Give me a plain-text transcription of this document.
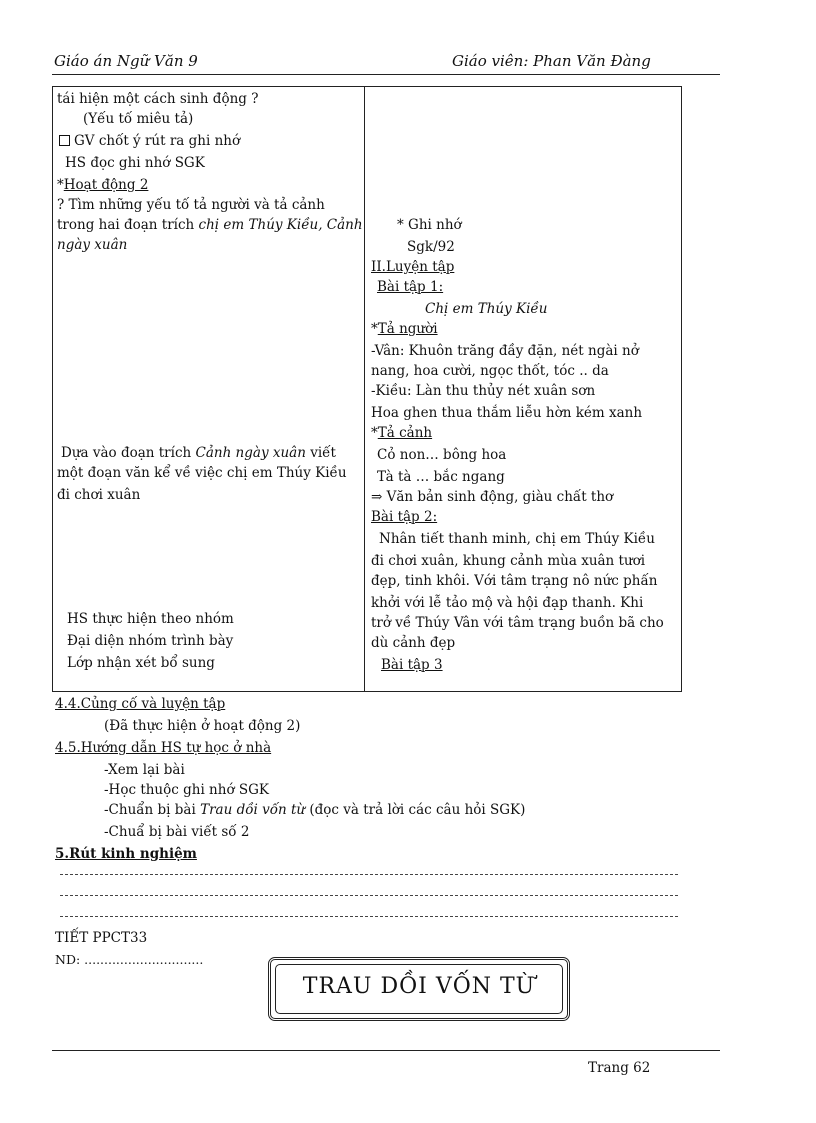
Giáo án Ngữ Văn 9	Giáo viên: Phan Văn Đàng
tái hiện một cách sinh động ?
(Yếu tố miêu tả)
GV chốt ý rút ra ghi nhớ
HS đọc ghi nhớ SGK
*Hoạt động 2
? Tìm những yếu tố tả người và tả cảnh
trong hai đoạn trích chị em Thúy Kiều, Cảnh
ngày xuân
Dựa vào đoạn trích Cảnh ngày xuân viết
một đoạn văn kể về việc chị em Thúy Kiều
đi chơi xuân
HS thực hiện theo nhóm
Đại diện nhóm trình bày
Lớp nhận xét bổ sung
* Ghi nhớ
Sgk/92
II.Luyện tập
Bài tập 1:
Chị em Thúy Kiều
*Tả người
-Vân: Khuôn trăng đầy đặn, nét ngài nở
nang, hoa cười, ngọc thốt, tóc .. da
-Kiều: Làn thu thủy nét xuân sơn
Hoa ghen thua thắm liễu hờn kém xanh
*Tả cảnh
Cỏ non… bông hoa
Tà tà … bắc ngang
⇒ Văn bản sinh động, giàu chất thơ
Bài tập 2:
Nhân tiết thanh minh, chị em Thúy Kiều
đi chơi xuân, khung cảnh mùa xuân tươi
đẹp, tinh khôi. Với tâm trạng nô nức phấn
khởi với lễ tảo mộ và hội đạp thanh. Khi
trở về Thúy Vân với tâm trạng buồn bã cho
dù cảnh đẹp
Bài tập 3
4.4.Củng cố và luyện tập
(Đã thực hiện ở hoạt động 2)
4.5.Hướng dẫn HS tự học ở nhà
-Xem lại bài
-Học thuộc ghi nhớ SGK
-Chuẩn bị bài Trau dồi vốn từ (đọc và trả lời các câu hỏi SGK)
-Chuẩ bị bài viết số 2
5.Rút kinh nghiệm
TIẾT PPCT33
ND: ..............................
TRAU DỒI VỐN TỪ
Trang 62
